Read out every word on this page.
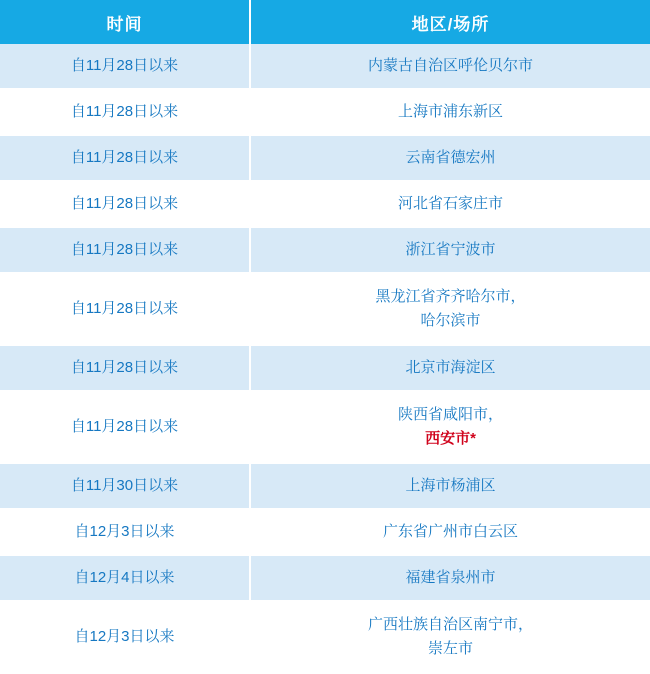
时间	地区/场所
自11月28日以来	内蒙古自治区呼伦贝尔市

自11月28日以来	上海市浦东新区

自11月28日以来	云南省德宏州

自11月28日以来	河北省石家庄市

自11月28日以来	浙江省宁波市

自11月28日以来	黑龙江省齐齐哈尔市，
哈尔滨市

自11月28日以来	北京市海淀区

自11月28日以来	陕西省咸阳市，
西安市*

自11月30日以来	上海市杨浦区

自12月3日以来	广东省广州市白云区

自12月4日以来	福建省泉州市

自12月3日以来	广西壮族自治区南宁市，
崇左市
